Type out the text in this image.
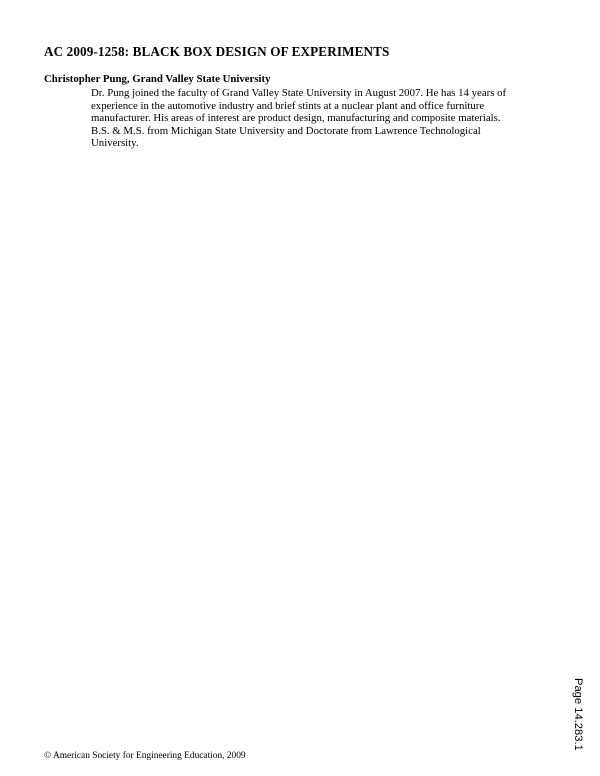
AC 2009-1258: BLACK BOX DESIGN OF EXPERIMENTS
Christopher Pung, Grand Valley State University
Dr. Pung joined the faculty of Grand Valley State University in August 2007. He has 14 years of
experience in the automotive industry and brief stints at a nuclear plant and office furniture
manufacturer. His areas of interest are product design, manufacturing and composite materials.
B.S. & M.S. from Michigan State University and Doctorate from Lawrence Technological
University.
Page 14.283.1
© American Society for Engineering Education, 2009
